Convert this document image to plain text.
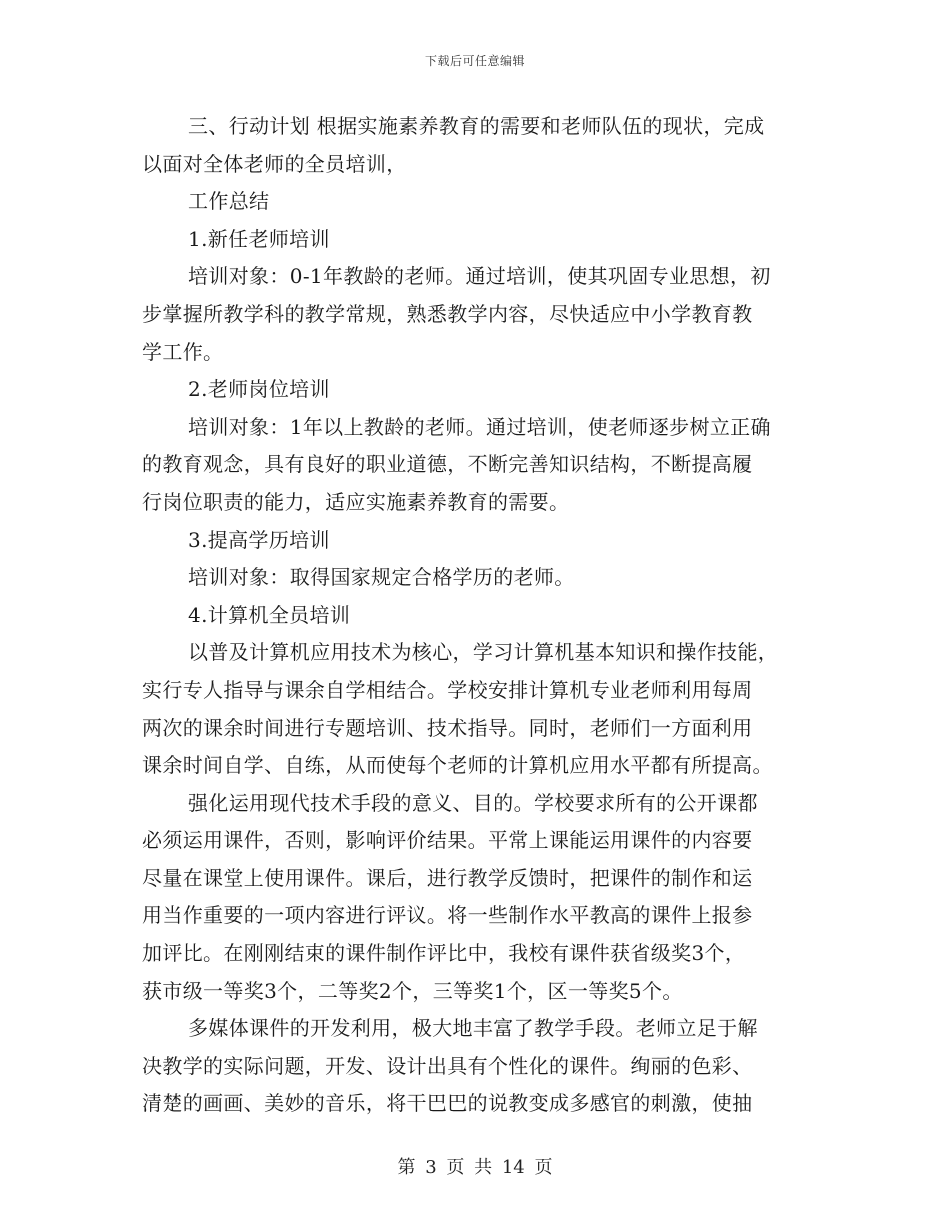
下载后可任意编辑
三、行动计划 根据实施素养教育的需要和老师队伍的现状，完成
以面对全体老师的全员培训，
工作总结
1.新任老师培训
培训对象：0-1年教龄的老师。通过培训，使其巩固专业思想，初
步掌握所教学科的教学常规，熟悉教学内容，尽快适应中小学教育教
学工作。
2.老师岗位培训
培训对象：1年以上教龄的老师。通过培训，使老师逐步树立正确
的教育观念，具有良好的职业道德，不断完善知识结构，不断提高履
行岗位职责的能力，适应实施素养教育的需要。
3.提高学历培训
培训对象：取得国家规定合格学历的老师。
4.计算机全员培训
以普及计算机应用技术为核心，学习计算机基本知识和操作技能，
实行专人指导与课余自学相结合。学校安排计算机专业老师利用每周
两次的课余时间进行专题培训、技术指导。同时，老师们一方面利用
课余时间自学、自练，从而使每个老师的计算机应用水平都有所提高。
强化运用现代技术手段的意义、目的。学校要求所有的公开课都
必须运用课件，否则，影响评价结果。平常上课能运用课件的内容要
尽量在课堂上使用课件。课后，进行教学反馈时，把课件的制作和运
用当作重要的一项内容进行评议。将一些制作水平教高的课件上报参
加评比。在刚刚结束的课件制作评比中，我校有课件获省级奖3个，
获市级一等奖3个，二等奖2个，三等奖1个，区一等奖5个。
多媒体课件的开发利用，极大地丰富了教学手段。老师立足于解
决教学的实际问题，开发、设计出具有个性化的课件。绚丽的色彩、
清楚的画画、美妙的音乐，将干巴巴的说教变成多感官的刺激，使抽
第 3 页 共 14 页
